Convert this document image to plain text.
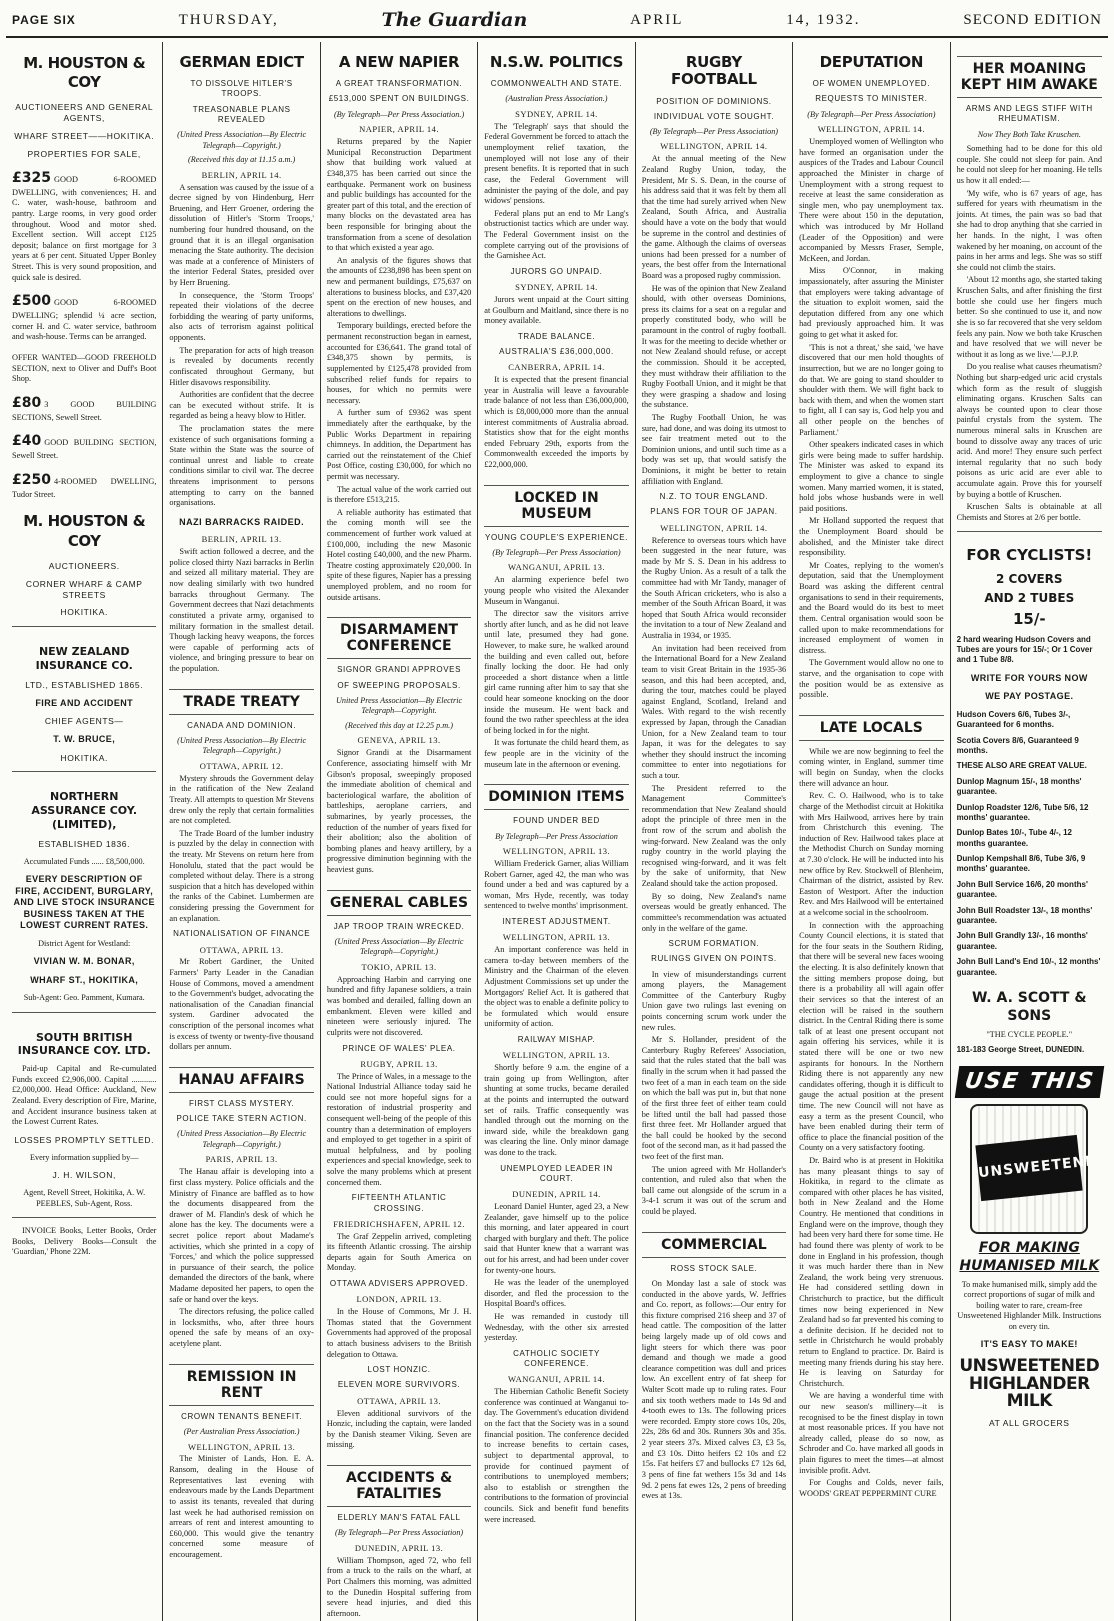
PAGE SIX	THURSDAY,	The Guardian	APRIL	14, 1932.	SECOND EDITION
M. HOUSTON & COY
AUCTIONEERS AND GENERAL AGENTS,
WHARF STREET——HOKITIKA.
PROPERTIES FOR SALE,

£325 GOOD 6-ROOMED DWELLING, with conveniences; H. and C. water, wash-house, bathroom and pantry. Large rooms, in very good order throughout. Wood and motor shed. Excellent section. Will accept £125 deposit; balance on first mortgage for 3 years at 6 per cent. Situated Upper Bonley Street. This is very sound proposition, and quick sale is desired.

£500 GOOD 6-ROOMED DWELLING; splendid ¼ acre section, corner H. and C. water service, bathroom and wash-house. Terms can be arranged.

OFFER WANTED—GOOD FREEHOLD SECTION, next to Oliver and Duff's Boot Shop.

£80 3 GOOD BUILDING SECTIONS, Sewell Street.

£40 GOOD BUILDING SECTION, Sewell Street.

£250 4-ROOMED DWELLING, Tudor Street.

M. HOUSTON & COY
AUCTIONEERS.
CORNER WHARF & CAMP STREETS
HOKITIKA.
NEW ZEALAND INSURANCE CO.
LTD., ESTABLISHED 1865.
FIRE AND ACCIDENT
CHIEF AGENTS—
T. W. BRUCE,
HOKITIKA.
NORTHERN ASSURANCE COY. (LIMITED),
ESTABLISHED 1836.
Accumulated Funds ...... £8,500,000.
EVERY DESCRIPTION OF FIRE, ACCIDENT, BURGLARY, AND LIVE STOCK INSURANCE BUSINESS TAKEN AT THE LOWEST CURRENT RATES.
District Agent for Westland:
VIVIAN W. M. BONAR,
WHARF ST., HOKITIKA,
Sub-Agent: Geo. Pamment, Kumara.
SOUTH BRITISH INSURANCE COY. LTD.

Paid-up Capital and Re-cumulated Funds exceed £2,906,000. Capital ............ £2,000,000. Head Office: Auckland, New Zealand. Every description of Fire, Marine, and Accident insurance business taken at the Lowest Current Rates.

LOSSES PROMPTLY SETTLED.
Every information supplied by—
J. H. WILSON,
Agent, Revell Street, Hokitika, A. W. PEEBLES, Sub-Agent, Ross.

INVOICE Books, Letter Books, Order Books, Delivery Books—Consult the 'Guardian,' Phone 22M.

GERMAN EDICT
TO DISSOLVE HITLER'S TROOPS.
TREASONABLE PLANS REVEALED
(United Press Association—By Electric Telegraph—Copyright.)
(Received this day at 11.15 a.m.)
BERLIN, APRIL 14.

A sensation was caused by the issue of a decree signed by von Hindenburg, Herr Bruening, and Herr Groener, ordering the dissolution of Hitler's 'Storm Troops,' numbering four hundred thousand, on the ground that it is an illegal organisation menacing the State authority. The decision was made at a conference of Ministers of the interior Federal States, presided over by Herr Bruening.

In consequence, the 'Storm Troops' repeated their violations of the decree forbidding the wearing of party uniforms, also acts of terrorism against political opponents.

The preparation for acts of high treason is revealed by documents recently confiscated throughout Germany, but Hitler disavows responsibility.

Authorities are confident that the decree can be executed without strife. It is regarded as being a heavy blow to Hitler.

The proclamation states the mere existence of such organisations forming a State within the State was the source of continual unrest and liable to create conditions similar to civil war. The decree threatens imprisonment to persons attempting to carry on the banned organisations.

NAZI BARRACKS RAIDED.
BERLIN, APRIL 13.

Swift action followed a decree, and the police closed thirty Nazi barracks in Berlin and seized all military material. They are now dealing similarly with two hundred barracks throughout Germany. The Government decrees that Nazi detachments constituted a private army, organised to military formation in the smallest detail. Though lacking heavy weapons, the forces were capable of performing acts of violence, and bringing pressure to bear on the population.

TRADE TREATY
CANADA AND DOMINION.
(United Press Association—By Electric Telegraph—Copyright.)
OTTAWA, APRIL 12.

Mystery shrouds the Government delay in the ratification of the New Zealand Treaty. All attempts to question Mr Stevens drew only the reply that certain formalities are not completed.

The Trade Board of the lumber industry is puzzled by the delay in connection with the treaty. Mr Stevens on return here from Honolulu, stated that the pact would be completed without delay. There is a strong suspicion that a hitch has developed within the ranks of the Cabinet. Lumbermen are considering pressing the Government for an explanation.

NATIONALISATION OF FINANCE
OTTAWA, APRIL 13.

Mr Robert Gardiner, the United Farmers' Party Leader in the Canadian House of Commons, moved a amendment to the Government's budget, advocating the nationalisation of the Canadian financial system. Gardiner advocated the conscription of the personal incomes what is excess of twenty or twenty-five thousand dollars per annum.

HANAU AFFAIRS
FIRST CLASS MYSTERY.
POLICE TAKE STERN ACTION.
(United Press Association—By Electric Telegraph—Copyright.)
PARIS, APRIL 13.

The Hanau affair is developing into a first class mystery. Police officials and the Ministry of Finance are baffled as to how the documents disappeared from the drawer of M. Flandin's desk of which he alone has the key. The documents were a secret police report about Madame's activities, which she printed in a copy of 'Forces,' and which the police suppressed in pursuance of their search, the police demanded the directors of the bank, where Madame deposited her papers, to open the safe or hand over the keys.

The directors refusing, the police called in locksmiths, who, after three hours opened the safe by means of an oxy-acetylene plant.

REMISSION IN RENT
CROWN TENANTS BENEFIT.
(Per Australian Press Association.)
WELLINGTON, APRIL 13.

The Minister of Lands, Hon. E. A. Ransom, dealing in the House of Representatives last evening with endeavours made by the Lands Department to assist its tenants, revealed that during last week he had authorised remission on arrears of rent and interest amounting to £60,000. This would give the tenantry concerned some measure of encouragement.

A NEW NAPIER
A GREAT TRANSFORMATION.
£513,000 SPENT ON BUILDINGS.
(By Telegraph—Per Press Association.)
NAPIER, APRIL 14.

Returns prepared by the Napier Municipal Reconstruction Department show that building work valued at £348,375 has been carried out since the earthquake. Permanent work on business and public buildings has accounted for the greater part of this total, and the erection of many blocks on the devastated area has been responsible for bringing about the transformation from a scene of desolation to that which existed a year ago.

An analysis of the figures shows that the amounts of £238,898 has been spent on new and permanent buildings, £75,637 on alterations to business blocks, and £37,420 spent on the erection of new houses, and alterations to dwellings.

Temporary buildings, erected before the permanent reconstruction began in earnest, accounted for £36,641. The grand total of £348,375 shown by permits, is supplemented by £125,478 provided from subscribed relief funds for repairs to houses, for which no permits were necessary.

A further sum of £9362 was spent immediately after the earthquake, by the Public Works Department in repairing chimneys. In addition, the Department has carried out the reinstatement of the Chief Post Office, costing £30,000, for which no permit was necessary.

The actual value of the work carried out is therefore £513,215.

A reliable authority has estimated that the coming month will see the commencement of further work valued at £100,000, including the new Masonic Hotel costing £40,000, and the new Pharm. Theatre costing approximately £20,000. In spite of these figures, Napier has a pressing unemployed problem, and no room for outside artisans.

DISARMAMENT CONFERENCE
SIGNOR GRANDI APPROVES
OF SWEEPING PROPOSALS.
United Press Association—By Electric Telegraph—Copyright.
(Received this day at 12.25 p.m.)
GENEVA, APRIL 13.

Signor Grandi at the Disarmament Conference, associating himself with Mr Gibson's proposal, sweepingly proposed the immediate abolition of chemical and bacteriological warfare, the abolition of battleships, aeroplane carriers, and submarines, by yearly processes, the reduction of the number of years fixed for their abolition; also the abolition of bombing planes and heavy artillery, by a progressive diminution beginning with the heaviest guns.

GENERAL CABLES
JAP TROOP TRAIN WRECKED.
(United Press Association—By Electric Telegraph—Copyright.)
TOKIO, APRIL 13.

Approaching Harbin and carrying one hundred and fifty Japanese soldiers, a train was bombed and derailed, falling down an embankment. Eleven were killed and nineteen were seriously injured. The culprits were not discovered.

PRINCE OF WALES' PLEA.
RUGBY, APRIL 13.

The Prince of Wales, in a message to the National Industrial Alliance today said he could see not more hopeful signs for a restoration of industrial prosperity and consequent well-being of the people of this country than a determination of employers and employed to get together in a spirit of mutual helpfulness, and by pooling experiences and special knowledge, seek to solve the many problems which at present concerned them.

FIFTEENTH ATLANTIC CROSSING.
FRIEDRICHSHAFEN, APRIL 12.

The Graf Zeppelin arrived, completing its fifteenth Atlantic crossing. The airship departs again for South America on Monday.

OTTAWA ADVISERS APPROVED.
LONDON, APRIL 13.

In the House of Commons, Mr J. H. Thomas stated that the Government Governments had approved of the proposal to attach business advisers to the British delegation to Ottawa.

LOST HONZIC.
ELEVEN MORE SURVIVORS.
OTTAWA, APRIL 13.

Eleven additional survivors of the Honzic, including the captain, were landed by the Danish steamer Viking. Seven are missing.

ACCIDENTS & FATALITIES
ELDERLY MAN'S FATAL FALL
(By Telegraph—Per Press Association)
DUNEDIN, APRIL 13.

William Thompson, aged 72, who fell from a truck to the rails on the wharf, at Port Chalmers this morning, was admitted to the Dunedin Hospital suffering from severe head injuries, and died this afternoon.

N.S.W. POLITICS
COMMONWEALTH AND STATE.
(Australian Press Association.)
SYDNEY, APRIL 14.

The 'Telegraph' says that should the Federal Government be forced to attach the unemployment relief taxation, the unemployed will not lose any of their present benefits. It is reported that in such case, the Federal Government will administer the paying of the dole, and pay widows' pensions.

Federal plans put an end to Mr Lang's obstructionist tactics which are under way. The Federal Government insist on the complete carrying out of the provisions of the Garnishee Act.

JURORS GO UNPAID.
SYDNEY, APRIL 14.

Jurors went unpaid at the Court sitting at Goulburn and Maitland, since there is no money available.

TRADE BALANCE.
AUSTRALIA'S £36,000,000.
CANBERRA, APRIL 14.

It is expected that the present financial year in Australia will leave a favourable trade balance of not less than £36,000,000, which is £8,000,000 more than the annual interest commitments of Australia abroad. Statistics show that for the eight months ended February 29th, exports from the Commonwealth exceeded the imports by £22,000,000.

LOCKED IN MUSEUM
YOUNG COUPLE'S EXPERIENCE.
(By Telegraph—Per Press Association)
WANGANUI, APRIL 13.

An alarming experience befel two young people who visited the Alexander Museum in Wanganui.

The director saw the visitors arrive shortly after lunch, and as he did not leave until late, presumed they had gone. However, to make sure, he walked around the building and even called out, before finally locking the door. He had only proceeded a short distance when a little girl came running after him to say that she could hear someone knocking on the door inside the museum. He went back and found the two rather speechless at the idea of being locked in for the night.

It was fortunate the child heard them, as few people are in the vicinity of the museum late in the afternoon or evening.

DOMINION ITEMS
FOUND UNDER BED
By Telegraph—Per Press Association
WELLINGTON, APRIL 13.

William Frederick Garner, alias William Robert Garner, aged 42, the man who was found under a bed and was captured by a woman, Mrs Hyde, recently, was today sentenced to twelve months' imprisonment.

INTEREST ADJUSTMENT.
WELLINGTON, APRIL 13.

An important conference was held in camera to-day between members of the Ministry and the Chairman of the eleven Adjustment Commissions set up under the Mortgagors' Relief Act. It is gathered that the object was to enable a definite policy to be formulated which would ensure uniformity of action.

RAILWAY MISHAP.
WELLINGTON, APRIL 13.

Shortly before 9 a.m. the engine of a train going up from Wellington, after shunting at some trucks, became derailed at the points and interrupted the outward set of rails. Traffic consequently was handled through out the morning on the inward side, while the breakdown gang was clearing the line. Only minor damage was done to the track.

UNEMPLOYED LEADER IN COURT.
DUNEDIN, APRIL 14.

Leonard Daniel Hunter, aged 23, a New Zealander, gave himself up to the police this morning, and later appeared in court charged with burglary and theft. The police said that Hunter knew that a warrant was out for his arrest, and had been under cover for twenty-one hours.

He was the leader of the unemployed disorder, and fled the procession to the Hospital Board's offices.

He was remanded in custody till Wednesday, with the other six arrested yesterday.

CATHOLIC SOCIETY CONFERENCE.
WANGANUI, APRIL 14.

The Hibernian Catholic Benefit Society conference was continued at Wanganui to-day. The Government's education dividend on the fact that the Society was in a sound financial position. The conference decided to increase benefits to certain cases, subject to departmental approval, to provide for continued payment of contributions to unemployed members; also to establish or strengthen the contributions to the formation of provincial councils. Sick and benefit fund benefits were increased.

RUGBY FOOTBALL
POSITION OF DOMINIONS.
INDIVIDUAL VOTE SOUGHT.
(By Telegraph—Per Press Association)
WELLINGTON, APRIL 14.

At the annual meeting of the New Zealand Rugby Union, today, the President, Mr S. S. Dean, in the course of his address said that it was felt by them all that the time had surely arrived when New Zealand, South Africa, and Australia should have a vote on the body that would be supreme in the control and destinies of the game. Although the claims of overseas unions had been pressed for a number of years, the best offer from the International Board was a proposed rugby commission.

He was of the opinion that New Zealand should, with other overseas Dominions, press its claims for a seat on a regular and properly constituted body, who will be paramount in the control of rugby football. It was for the meeting to decide whether or not New Zealand should refuse, or accept the commission. Should it be accepted, they must withdraw their affiliation to the Rugby Football Union, and it might be that they were grasping a shadow and losing the substance.

The Rugby Football Union, he was sure, had done, and was doing its utmost to see fair treatment meted out to the Dominion unions, and until such time as a body was set up, that would satisfy the Dominions, it might be better to retain affiliation with England.

N.Z. TO TOUR ENGLAND.
PLANS FOR TOUR OF JAPAN.
WELLINGTON, APRIL 14.

Reference to overseas tours which have been suggested in the near future, was made by Mr S. S. Dean in his address to the Rugby Union. As a result of a talk the committee had with Mr Tandy, manager of the South African cricketers, who is also a member of the South African Board, it was hoped that South Africa would reconsider the invitation to a tour of New Zealand and Australia in 1934, or 1935.

An invitation had been received from the International Board for a New Zealand team to visit Great Britain in the 1935-36 season, and this had been accepted, and, during the tour, matches could be played against England, Scotland, Ireland and Wales. With regard to the wish recently expressed by Japan, through the Canadian Union, for a New Zealand team to tour Japan, it was for the delegates to say whether they should instruct the incoming committee to enter into negotiations for such a tour.

The President referred to the Management Committee's recommendation that New Zealand should adopt the principle of three men in the front row of the scrum and abolish the wing-forward. New Zealand was the only rugby country in the world playing the recognised wing-forward, and it was felt by the sake of uniformity, that New Zealand should take the action proposed.

By so doing, New Zealand's name overseas would be greatly enhanced. The committee's recommendation was actuated only in the welfare of the game.

SCRUM FORMATION.
RULINGS GIVEN ON POINTS.

In view of misunderstandings current among players, the Management Committee of the Canterbury Rugby Union gave two rulings last evening on points concerning scrum work under the new rules.

Mr S. Hollander, president of the Canterbury Rugby Referees' Association, said that the rules stated that the ball was finally in the scrum when it had passed the two feet of a man in each team on the side on which the ball was put in, but that none of the first three feet of either team could be lifted until the ball had passed those first three feet. Mr Hollander argued that the ball could be hooked by the second foot of the second man, as it had passed the two feet of the first man.

The union agreed with Mr Hollander's contention, and ruled also that when the ball came out alongside of the scrum in a 3-4-1 scrum it was out of the scrum and could be played.

COMMERCIAL
ROSS STOCK SALE.

On Monday last a sale of stock was conducted in the above yards, W. Jeffries and Co. report, as follows:—Our entry for this fixture comprised 216 sheep and 37 of head cattle. The composition of the latter being largely made up of old cows and light steers for which there was poor demand and though we made a good clearance competition was dull and prices low. An excellent entry of fat sheep for Walter Scott made up to ruling rates. Four and six tooth wethers made to 14s 9d and 4-tooth ewes to 13s. The following prices were recorded. Empty store cows 10s, 20s, 22s, 28s 6d and 30s. Runners 30s and 35s. 2 year steers 37s. Mixed calves £3, £3 5s, and £3 10s. Ditto heifers £2 10s and £2 15s. Fat heifers £7 and bullocks £7 12s 6d, 3 pens of fine fat wethers 15s 3d and 14s 9d. 2 pens fat ewes 12s, 2 pens of breeding ewes at 13s.

DEPUTATION
OF WOMEN UNEMPLOYED.
REQUESTS TO MINISTER.
(By Telegraph—Per Press Association)
WELLINGTON, APRIL 14.

Unemployed women of Wellington who have formed an organisation under the auspices of the Trades and Labour Council approached the Minister in charge of Unemployment with a strong request to receive at least the same consideration as single men, who pay unemployment tax. There were about 150 in the deputation, which was introduced by Mr Holland (Leader of the Opposition) and were accompanied by Messrs Fraser, Semple, McKeen, and Jordan.

Miss O'Connor, in making impassionately, after assuring the Minister that employers were taking advantage of the situation to exploit women, said the deputation differed from any one which had previously approached him. It was going to get what it asked for.

'This is not a threat,' she said, 'we have discovered that our men hold thoughts of insurrection, but we are no longer going to do that. We are going to stand shoulder to shoulder with them. We will fight back to back with them, and when the women start to fight, all I can say is, God help you and all other people on the benches of Parliament.'

Other speakers indicated cases in which girls were being made to suffer hardship. The Minister was asked to expand its employment to give a chance to single women. Many married women, it is stated, hold jobs whose husbands were in well paid positions.

Mr Holland supported the request that the Unemployment Board should be abolished, and the Minister take direct responsibility.

Mr Coates, replying to the women's deputation, said that the Unemployment Board was asking the different central organisations to send in their requirements, and the Board would do its best to meet them. Central organisation would soon be called upon to make recommendations for increased employment of women in distress.

The Government would allow no one to starve, and the organisation to cope with the position would be as extensive as possible.

LATE LOCALS

While we are now beginning to feel the coming winter, in England, summer time will begin on Sunday, when the clocks there will advance an hour.

Rev. C. O. Hailwood, who is to take charge of the Methodist circuit at Hokitika with Mrs Hailwood, arrives here by train from Christchurch this evening. The induction of Rev. Hailwood takes place at the Methodist Church on Sunday morning at 7.30 o'clock. He will be inducted into his new office by Rev. Stockwell of Blenheim, Chairman of the district, assisted by Rev. Easton of Westport. After the induction Rev. and Mrs Hailwood will be entertained at a welcome social in the schoolroom.

In connection with the approaching County Council elections, it is stated that for the four seats in the Southern Riding, that there will be several new faces wooing the electing. It is also definitely known that the sitting members propose doing, but there is a probability all will again offer their services so that the interest of an election will be raised in the southern district. In the Central Riding there is some talk of at least one present occupant not again offering his services, while it is stated there will be one or two new aspirants for honours. In the Northern Riding there is not apparently any new candidates offering, though it is difficult to gauge the actual position at the present time. The new Council will not have as easy a term as the present Council, who have been enabled during their term of office to place the financial position of the County on a very satisfactory footing.

Dr. Baird who is at present in Hokitika has many pleasant things to say of Hokitika, in regard to the climate as compared with other places he has visited, both in New Zealand and the Home Country. He mentioned that conditions in England were on the improve, though they had been very hard there for some time. He had found there was plenty of work to be done in England in his profession, though it was much harder there than in New Zealand, the work being very strenuous. He had considered settling down in Christchurch to practice, but the difficult times now being experienced in New Zealand had so far prevented his coming to a definite decision. If he decided not to settle in Christchurch he would probably return to England to practice. Dr. Baird is meeting many friends during his stay here. He is leaving on Saturday for Christchurch.

We are having a wonderful time with our new season's millinery—it is recognised to be the finest display in town at most reasonable prices. If you have not already called, please do so now, as Schroder and Co. have marked all goods in plain figures to meet the times—at almost invisible profit. Advt.

For Coughs and Colds, never fails, WOODS' GREAT PEPPERMINT CURE

HER MOANING KEPT HIM AWAKE
ARMS AND LEGS STIFF WITH RHEUMATISM.
Now They Both Take Kruschen.

Something had to be done for this old couple. She could not sleep for pain. And he could not sleep for her moaning. He tells us how it all ended:—

'My wife, who is 67 years of age, has suffered for years with rheumatism in the joints. At times, the pain was so bad that she had to drop anything that she carried in her hands. In the night, I was often wakened by her moaning, on account of the pains in her arms and legs. She was so stiff she could not climb the stairs.

'About 12 months ago, she started taking Kruschen Salts, and after finishing the first bottle she could use her fingers much better. So she continued to use it, and now she is so far recovered that she very seldom feels any pain. Now we both take Kruschen and have resolved that we will never be without it as long as we live.'—P.J.P.

Do you realise what causes rheumatism? Nothing but sharp-edged uric acid crystals which form as the result of sluggish eliminating organs. Kruschen Salts can always be counted upon to clear those painful crystals from the system. The numerous mineral salts in Kruschen are bound to dissolve away any traces of uric acid. And more! They ensure such perfect internal regularity that no such body poisons as uric acid are ever able to accumulate again. Prove this for yourself by buying a bottle of Kruschen.

Kruschen Salts is obtainable at all Chemists and Stores at 2/6 per bottle.

FOR CYCLISTS!
2 COVERS
AND 2 TUBES
15/-
2 hard wearing Hudson Covers and Tubes are yours for 15/-; Or 1 Cover and 1 Tube 8/8.
WRITE FOR YOURS NOW
WE PAY POSTAGE.
Hudson Covers 6/6, Tubes 3/-, Guaranteed for 6 months.
Scotia Covers 8/6, Guaranteed 9 months.
THESE ALSO ARE GREAT VALUE.
Dunlop Magnum 15/-, 18 months' guarantee.
Dunlop Roadster 12/6, Tube 5/6, 12 months' guarantee.
Dunlop Bates 10/-, Tube 4/-, 12 months guarantee.
Dunlop Kempshall 8/6, Tube 3/6, 9 months' guarantee.
John Bull Service 16/6, 20 months' guarantee.
John Bull Roadster 13/-, 18 months' guarantee.
John Bull Grandly 13/-, 16 months' guarantee.
John Bull Land's End 10/-, 12 months' guarantee.
W. A. SCOTT & SONS
"THE CYCLE PEOPLE."
181-183 George Street, DUNEDIN.
USE THIS
UNSWEETENED
FOR MAKING HUMANISED MILK

To make humanised milk, simply add the correct proportions of sugar of milk and boiling water to rare, cream-free Unsweetened Highlander Milk. Instructions on every tin.

IT'S EASY TO MAKE!
UNSWEETENED HIGHLANDER MILK
AT ALL GROCERS
